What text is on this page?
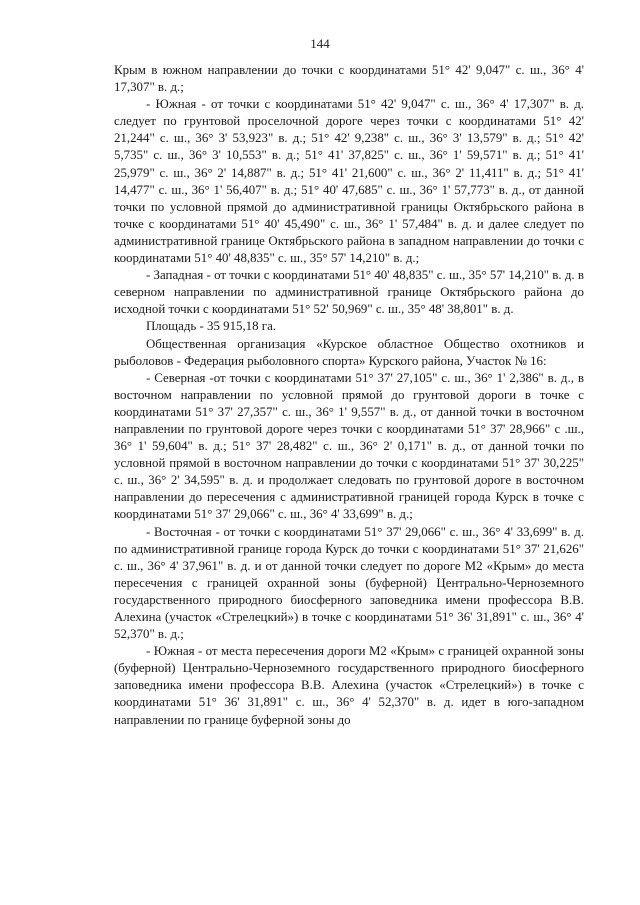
144

Крым в южном направлении до точки с координатами 51° 42' 9,047" с. ш., 36° 4' 17,307" в. д.;

- Южная - от точки с координатами 51° 42' 9,047" с. ш., 36° 4' 17,307" в. д. следует по грунтовой проселочной дороге через точки с координатами 51° 42' 21,244" с. ш., 36° 3' 53,923" в. д.; 51° 42' 9,238" с. ш., 36° 3' 13,579" в. д.; 51° 42' 5,735" с. ш., 36° 3' 10,553" в. д.; 51° 41' 37,825" с. ш., 36° 1' 59,571" в. д.; 51° 41' 25,979" с. ш., 36° 2' 14,887" в. д.; 51° 41' 21,600" с. ш., 36° 2' 11,411" в. д.; 51° 41' 14,477" с. ш., 36° 1' 56,407" в. д.; 51° 40' 47,685" с. ш., 36° 1' 57,773" в. д., от данной точки по условной прямой до административной границы Октябрьского района в точке с координатами 51° 40' 45,490" с. ш., 36° 1' 57,484" в. д. и далее следует по административной границе Октябрьского района в западном направлении до точки с координатами 51° 40' 48,835" с. ш., 35° 57' 14,210" в. д.;

- Западная - от точки с координатами 51° 40' 48,835" с. ш., 35° 57' 14,210" в. д. в северном направлении по административной границе Октябрьского района до исходной точки с координатами 51° 52' 50,969" с. ш., 35° 48' 38,801" в. д.

Площадь - 35 915,18 га.

Общественная организация «Курское областное Общество охотников и рыболовов - Федерация рыболовного спорта» Курского района, Участок № 16:

- Северная -от точки с координатами 51° 37' 27,105" с. ш., 36° 1' 2,386" в. д., в восточном направлении по условной прямой до грунтовой дороги в точке с координатами 51° 37' 27,357" с. ш., 36° 1' 9,557" в. д., от данной точки в восточном направлении по грунтовой дороге через точки с координатами 51° 37' 28,966" с .ш., 36° 1' 59,604" в. д.; 51° 37' 28,482" с. ш., 36° 2' 0,171" в. д., от данной точки по условной прямой в восточном направлении до точки с координатами 51° 37' 30,225" с. ш., 36° 2' 34,595" в. д. и продолжает следовать по грунтовой дороге в восточном направлении до пересечения с административной границей города Курск в точке с координатами 51° 37' 29,066" с. ш., 36° 4' 33,699" в. д.;

- Восточная - от точки с координатами 51° 37' 29,066" с. ш., 36° 4' 33,699" в. д. по административной границе города Курск до точки с координатами 51° 37' 21,626" с. ш., 36° 4' 37,961" в. д. и от данной точки следует по дороге М2 «Крым» до места пересечения с границей охранной зоны (буферной) Центрально-Черноземного государственного природного биосферного заповедника имени профессора В.В. Алехина (участок «Стрелецкий») в точке с координатами 51° 36' 31,891" с. ш., 36° 4' 52,370" в. д.;

- Южная - от места пересечения дороги М2 «Крым» с границей охранной зоны (буферной) Центрально-Черноземного государственного природного биосферного заповедника имени профессора В.В. Алехина (участок «Стрелецкий») в точке с координатами 51° 36' 31,891" с. ш., 36° 4' 52,370" в. д. идет в юго-западном направлении по границе буферной зоны до
